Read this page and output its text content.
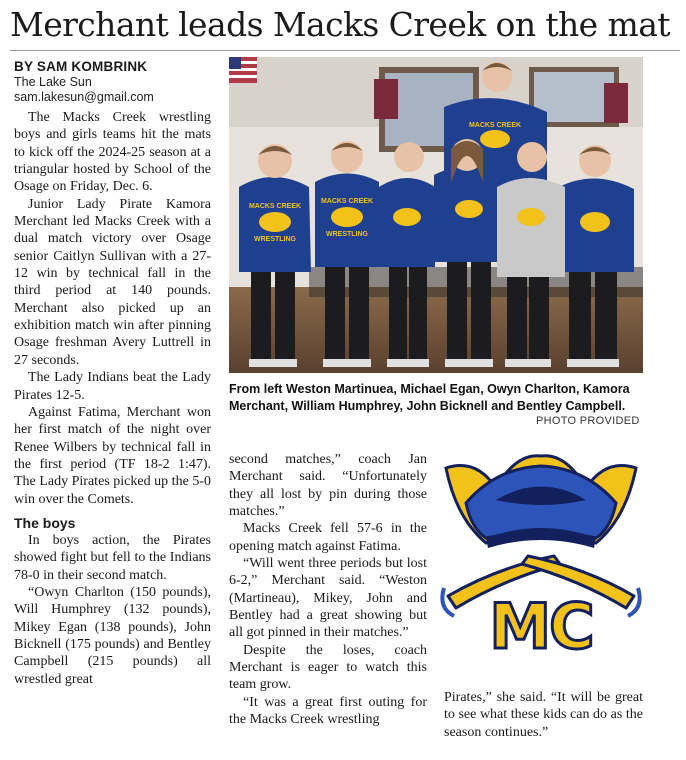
Merchant leads Macks Creek on the mat
BY SAM KOMBRINK
The Lake Sun
sam.lakesun@gmail.com

The Macks Creek wrestling boys and girls teams hit the mats to kick off the 2024-25 season at a triangular hosted by School of the Osage on Friday, Dec. 6.

Junior Lady Pirate Kamora Merchant led Macks Creek with a dual match victory over Osage senior Caitlyn Sullivan with a 27-12 win by technical fall in the third period at 140 pounds. Merchant also picked up an exhibition match win after pinning Osage freshman Avery Luttrell in 27 seconds.

The Lady Indians beat the Lady Pirates 12-5.

Against Fatima, Merchant won her first match of the night over Renee Wilbers by technical fall in the first period (TF 18-2 1:47). The Lady Pirates picked up the 5-0 win over the Comets.

The boys

In boys action, the Pirates showed fight but fell to the Indians 78-0 in their second match.

“Owyn Charlton (150 pounds), Will Humphrey (132 pounds), Mikey Egan (138 pounds), John Bicknell (175 pounds) and Bentley Campbell (215 pounds) all wrestled great

MACKS CREEK
MACKS CREEK
MACKS CREEK
WRESTLING
WRESTLING
From left Weston Martinuea, Michael Egan, Owyn Charlton, Kamora Merchant, William Humphrey, John Bicknell and Bentley Campbell.
PHOTO PROVIDED

second matches,” coach Jan Merchant said. “Unfortunately they all lost by pin during those matches.”

Macks Creek fell 57-6 in the opening match against Fatima.

“Will went three periods but lost 6-2,” Merchant said. “Weston (Martineau), Mikey, John and Bentley had a great showing but all got pinned in their matches.”

Despite the loses, coach Merchant is eager to watch this team grow.

“It was a great first outing for the Macks Creek wrestling

Pirates,” she said. “It will be great to see what these kids can do as the season continues.”

MC
